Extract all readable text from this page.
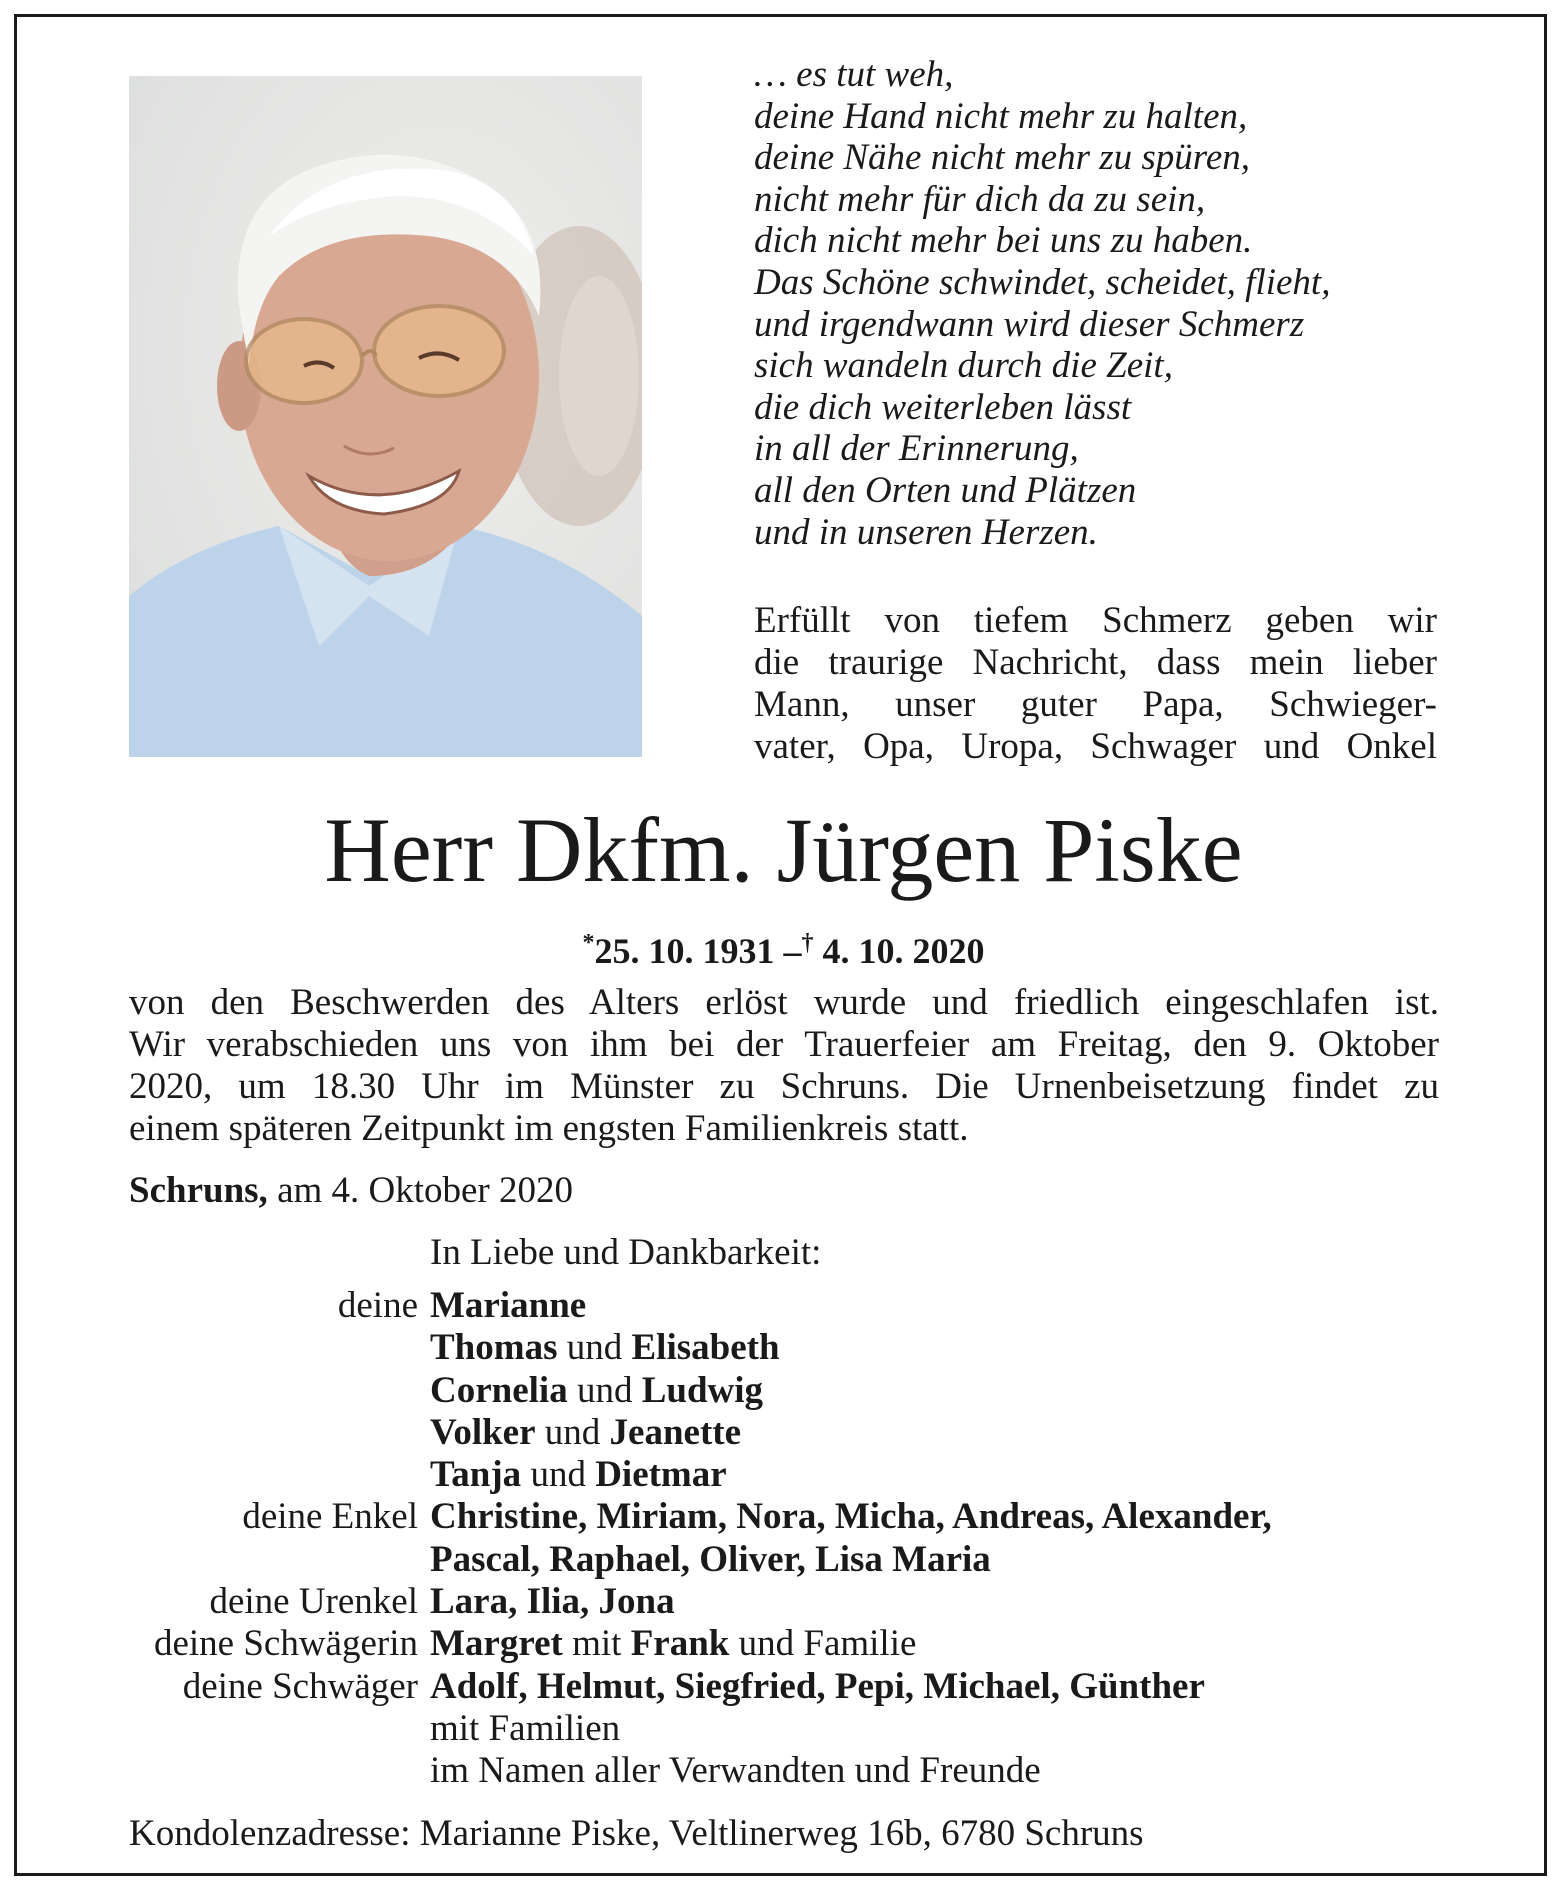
… es tut weh,
deine Hand nicht mehr zu halten,
deine Nähe nicht mehr zu spüren,
nicht mehr für dich da zu sein,
dich nicht mehr bei uns zu haben.
Das Schöne schwindet, scheidet, flieht,
und irgendwann wird dieser Schmerz
sich wandeln durch die Zeit,
die dich weiterleben lässt
in all der Erinnerung,
all den Orten und Plätzen
und in unseren Herzen.
Erfüllt von tiefem Schmerz geben wir
die traurige Nachricht, dass mein lieber
Mann, unser guter Papa, Schwieger-
vater, Opa, Uropa, Schwager und Onkel
Herr Dkfm. Jürgen Piske
*25. 10. 1931 –† 4. 10. 2020
von den Beschwerden des Alters erlöst wurde und friedlich eingeschlafen ist.
Wir verabschieden uns von ihm bei der Trauerfeier am Freitag, den 9. Oktober
2020, um 18.30 Uhr im Münster zu Schruns. Die Urnenbeisetzung findet zu
einem späteren Zeitpunkt im engsten Familienkreis statt.
Schruns, am 4. Oktober 2020
In Liebe und Dankbarkeit:
deine Marianne
Thomas und Elisabeth
Cornelia und Ludwig
Volker und Jeanette
Tanja und Dietmar
deine Enkel Christine, Miriam, Nora, Micha, Andreas, Alexander,
Pascal, Raphael, Oliver, Lisa Maria
deine Urenkel Lara, Ilia, Jona
deine Schwägerin Margret mit Frank und Familie
deine Schwäger Adolf, Helmut, Siegfried, Pepi, Michael, Günther
mit Familien
im Namen aller Verwandten und Freunde
Kondolenzadresse: Marianne Piske, Veltlinerweg 16b, 6780 Schruns
